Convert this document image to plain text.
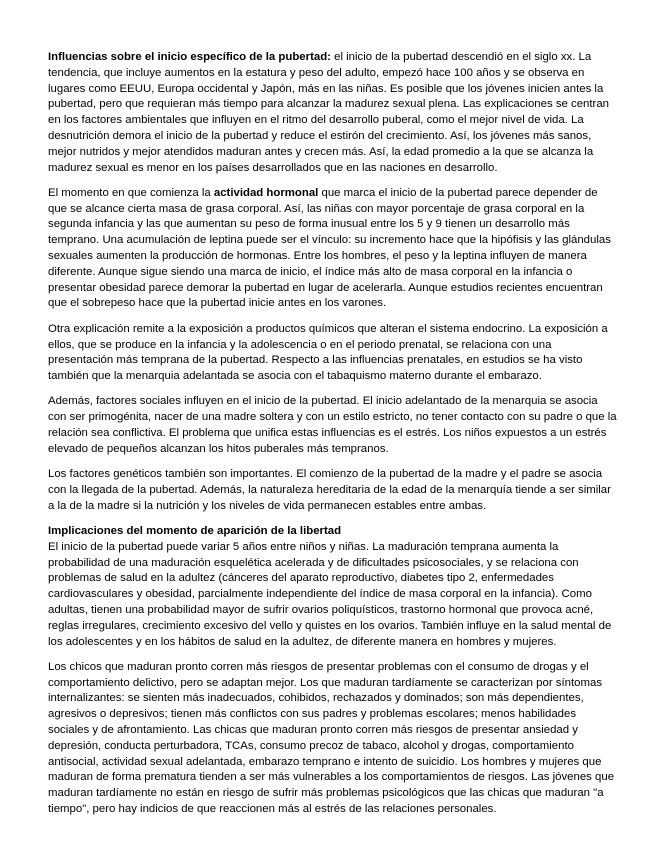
Influencias sobre el inicio específico de la pubertad: el inicio de la pubertad descendió en el siglo xx. La tendencia, que incluye aumentos en la estatura y peso del adulto, empezó hace 100 años y se observa en lugares como EEUU, Europa occidental y Japón, más en las niñas. Es posible que los jóvenes inicien antes la pubertad, pero que requieran más tiempo para alcanzar la madurez sexual plena. Las explicaciones se centran en los factores ambientales que influyen en el ritmo del desarrollo puberal, como el mejor nivel de vida. La desnutrición demora el inicio de la pubertad y reduce el estirón del crecimiento. Así, los jóvenes más sanos, mejor nutridos y mejor atendidos maduran antes y crecen más. Así, la edad promedio a la que se alcanza la madurez sexual es menor en los países desarrollados que en las naciones en desarrollo.

El momento en que comienza la actividad hormonal que marca el inicio de la pubertad parece depender de que se alcance cierta masa de grasa corporal. Así, las niñas con mayor porcentaje de grasa corporal en la segunda infancia y las que aumentan su peso de forma inusual entre los 5 y 9 tienen un desarrollo más temprano. Una acumulación de leptina puede ser el vínculo: su incremento hace que la hipófisis y las glándulas sexuales aumenten la producción de hormonas. Entre los hombres, el peso y la leptina influyen de manera diferente. Aunque sigue siendo una marca de inicio, el índice más alto de masa corporal en la infancia o presentar obesidad parece demorar la pubertad en lugar de acelerarla. Aunque estudios recientes encuentran que el sobrepeso hace que la pubertad inicie antes en los varones.

Otra explicación remite a la exposición a productos químicos que alteran el sistema endocrino. La exposición a ellos, que se produce en la infancia y la adolescencia o en el periodo prenatal, se relaciona con una presentación más temprana de la pubertad. Respecto a las influencias prenatales, en estudios se ha visto también que la menarquia adelantada se asocia con el tabaquismo materno durante el embarazo.

Además, factores sociales influyen en el inicio de la pubertad. El inicio adelantado de la menarquia se asocia con ser primogénita, nacer de una madre soltera y con un estilo estricto, no tener contacto con su padre o que la relación sea conflictiva. El problema que unifica estas influencias es el estrés. Los niños expuestos a un estrés elevado de pequeños alcanzan los hitos puberales más tempranos.

Los factores genéticos también son importantes. El comienzo de la pubertad de la madre y el padre se asocia con la llegada de la pubertad. Además, la naturaleza hereditaria de la edad de la menarquía tiende a ser similar a la de la madre si la nutrición y los niveles de vida permanecen estables entre ambas.

Implicaciones del momento de aparición de la libertad
El inicio de la pubertad puede variar 5 años entre niños y niñas. La maduración temprana aumenta la probabilidad de una maduración esquelética acelerada y de dificultades psicosociales, y se relaciona con problemas de salud en la adultez (cánceres del aparato reproductivo, diabetes tipo 2, enfermedades cardiovasculares y obesidad, parcialmente independiente del índice de masa corporal en la infancia). Como adultas, tienen una probabilidad mayor de sufrir ovarios poliquísticos, trastorno hormonal que provoca acné, reglas irregulares, crecimiento excesivo del vello y quistes en los ovarios. También influye en la salud mental de los adolescentes y en los hábitos de salud en la adultez, de diferente manera en hombres y mujeres.

Los chicos que maduran pronto corren más riesgos de presentar problemas con el consumo de drogas y el comportamiento delictivo, pero se adaptan mejor. Los que maduran tardíamente se caracterizan por síntomas internalizantes: se sienten más inadecuados, cohibidos, rechazados y dominados; son más dependientes, agresivos o depresivos; tienen más conflictos con sus padres y problemas escolares; menos habilidades sociales y de afrontamiento. Las chicas que maduran pronto corren más riesgos de presentar ansiedad y depresión, conducta perturbadora, TCAs, consumo precoz de tabaco, alcohol y drogas, comportamiento antisocial, actividad sexual adelantada, embarazo temprano e intento de suicidio. Los hombres y mujeres que maduran de forma prematura tienden a ser más vulnerables a los comportamientos de riesgos. Las jóvenes que maduran tardíamente no están en riesgo de sufrir más problemas psicológicos que las chicas que maduran "a tiempo", pero hay indicios de que reaccionen más al estrés de las relaciones personales.
